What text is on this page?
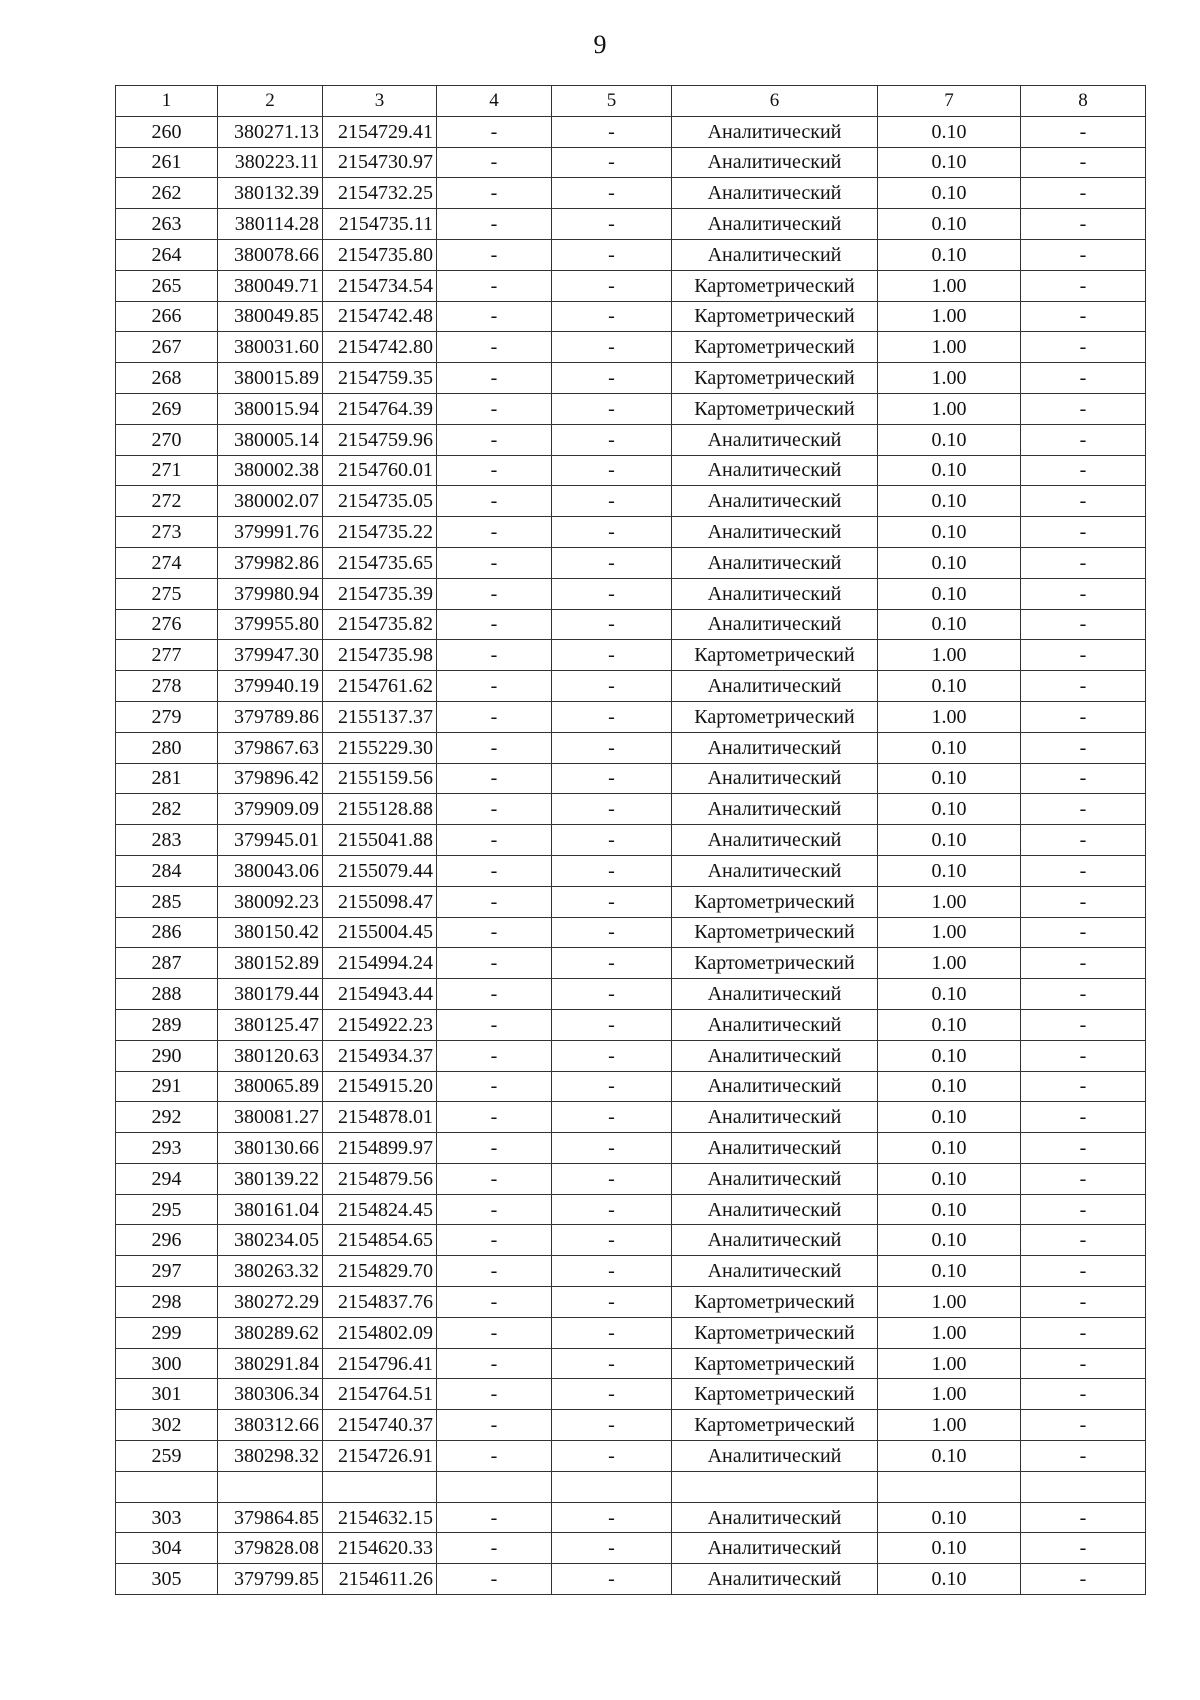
9
1	2	3	4	5	6	7	8
260	380271.13	2154729.41	-	-	Аналитический	0.10	-
261	380223.11	2154730.97	-	-	Аналитический	0.10	-
262	380132.39	2154732.25	-	-	Аналитический	0.10	-
263	380114.28	2154735.11	-	-	Аналитический	0.10	-
264	380078.66	2154735.80	-	-	Аналитический	0.10	-
265	380049.71	2154734.54	-	-	Картометрический	1.00	-
266	380049.85	2154742.48	-	-	Картометрический	1.00	-
267	380031.60	2154742.80	-	-	Картометрический	1.00	-
268	380015.89	2154759.35	-	-	Картометрический	1.00	-
269	380015.94	2154764.39	-	-	Картометрический	1.00	-
270	380005.14	2154759.96	-	-	Аналитический	0.10	-
271	380002.38	2154760.01	-	-	Аналитический	0.10	-
272	380002.07	2154735.05	-	-	Аналитический	0.10	-
273	379991.76	2154735.22	-	-	Аналитический	0.10	-
274	379982.86	2154735.65	-	-	Аналитический	0.10	-
275	379980.94	2154735.39	-	-	Аналитический	0.10	-
276	379955.80	2154735.82	-	-	Аналитический	0.10	-
277	379947.30	2154735.98	-	-	Картометрический	1.00	-
278	379940.19	2154761.62	-	-	Аналитический	0.10	-
279	379789.86	2155137.37	-	-	Картометрический	1.00	-
280	379867.63	2155229.30	-	-	Аналитический	0.10	-
281	379896.42	2155159.56	-	-	Аналитический	0.10	-
282	379909.09	2155128.88	-	-	Аналитический	0.10	-
283	379945.01	2155041.88	-	-	Аналитический	0.10	-
284	380043.06	2155079.44	-	-	Аналитический	0.10	-
285	380092.23	2155098.47	-	-	Картометрический	1.00	-
286	380150.42	2155004.45	-	-	Картометрический	1.00	-
287	380152.89	2154994.24	-	-	Картометрический	1.00	-
288	380179.44	2154943.44	-	-	Аналитический	0.10	-
289	380125.47	2154922.23	-	-	Аналитический	0.10	-
290	380120.63	2154934.37	-	-	Аналитический	0.10	-
291	380065.89	2154915.20	-	-	Аналитический	0.10	-
292	380081.27	2154878.01	-	-	Аналитический	0.10	-
293	380130.66	2154899.97	-	-	Аналитический	0.10	-
294	380139.22	2154879.56	-	-	Аналитический	0.10	-
295	380161.04	2154824.45	-	-	Аналитический	0.10	-
296	380234.05	2154854.65	-	-	Аналитический	0.10	-
297	380263.32	2154829.70	-	-	Аналитический	0.10	-
298	380272.29	2154837.76	-	-	Картометрический	1.00	-
299	380289.62	2154802.09	-	-	Картометрический	1.00	-
300	380291.84	2154796.41	-	-	Картометрический	1.00	-
301	380306.34	2154764.51	-	-	Картометрический	1.00	-
302	380312.66	2154740.37	-	-	Картометрический	1.00	-
259	380298.32	2154726.91	-	-	Аналитический	0.10	-

303	379864.85	2154632.15	-	-	Аналитический	0.10	-
304	379828.08	2154620.33	-	-	Аналитический	0.10	-
305	379799.85	2154611.26	-	-	Аналитический	0.10	-
